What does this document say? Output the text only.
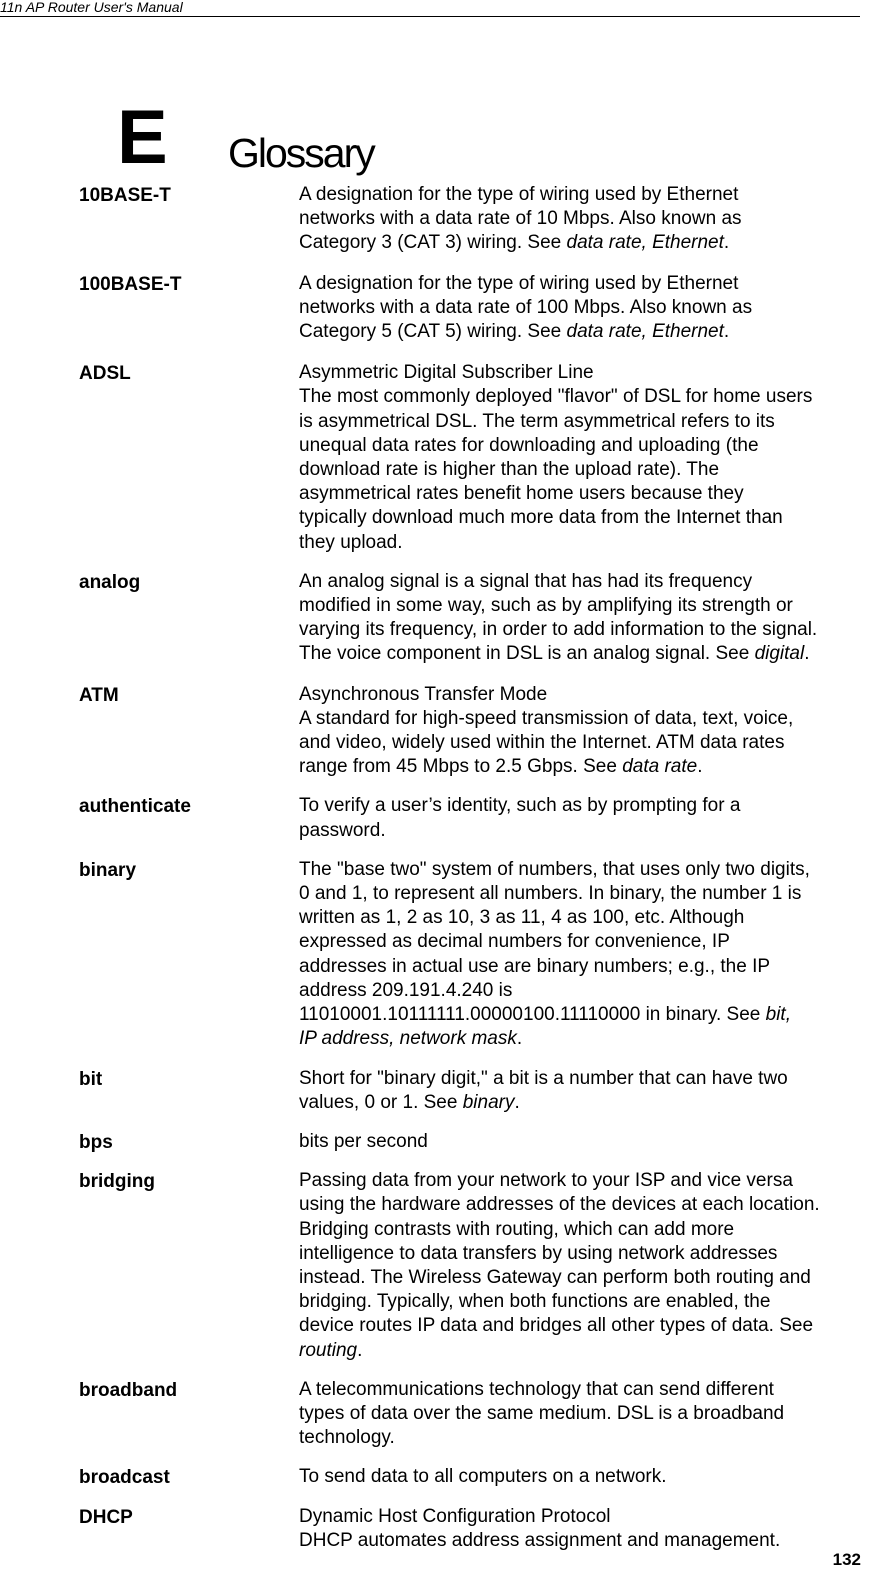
11n AP Router User's Manual
E Glossary
10BASE-T	A designation for the type of wiring used by Ethernet
networks with a data rate of 10 Mbps. Also known as
Category 3 (CAT 3) wiring. See data rate, Ethernet.
100BASE-T	A designation for the type of wiring used by Ethernet
networks with a data rate of 100 Mbps. Also known as
Category 5 (CAT 5) wiring. See data rate, Ethernet.
ADSL	Asymmetric Digital Subscriber Line
The most commonly deployed "flavor" of DSL for home users
is asymmetrical DSL. The term asymmetrical refers to its
unequal data rates for downloading and uploading (the
download rate is higher than the upload rate). The
asymmetrical rates benefit home users because they
typically download much more data from the Internet than
they upload.
analog	An analog signal is a signal that has had its frequency
modified in some way, such as by amplifying its strength or
varying its frequency, in order to add information to the signal.
The voice component in DSL is an analog signal. See digital.
ATM	Asynchronous Transfer Mode
A standard for high-speed transmission of data, text, voice,
and video, widely used within the Internet. ATM data rates
range from 45 Mbps to 2.5 Gbps. See data rate.
authenticate	To verify a user’s identity, such as by prompting for a
password.
binary	The "base two" system of numbers, that uses only two digits,
0 and 1, to represent all numbers. In binary, the number 1 is
written as 1, 2 as 10, 3 as 11, 4 as 100, etc. Although
expressed as decimal numbers for convenience, IP
addresses in actual use are binary numbers; e.g., the IP
address 209.191.4.240 is
11010001.10111111.00000100.11110000 in binary. See bit,
IP address, network mask.
bit	Short for "binary digit," a bit is a number that can have two
values, 0 or 1. See binary.
bps	bits per second
bridging	Passing data from your network to your ISP and vice versa
using the hardware addresses of the devices at each location.
Bridging contrasts with routing, which can add more
intelligence to data transfers by using network addresses
instead. The Wireless Gateway can perform both routing and
bridging. Typically, when both functions are enabled, the
device routes IP data and bridges all other types of data. See
routing.
broadband	A telecommunications technology that can send different
types of data over the same medium. DSL is a broadband
technology.
broadcast	To send data to all computers on a network.
DHCP	Dynamic Host Configuration Protocol
DHCP automates address assignment and management.
132
